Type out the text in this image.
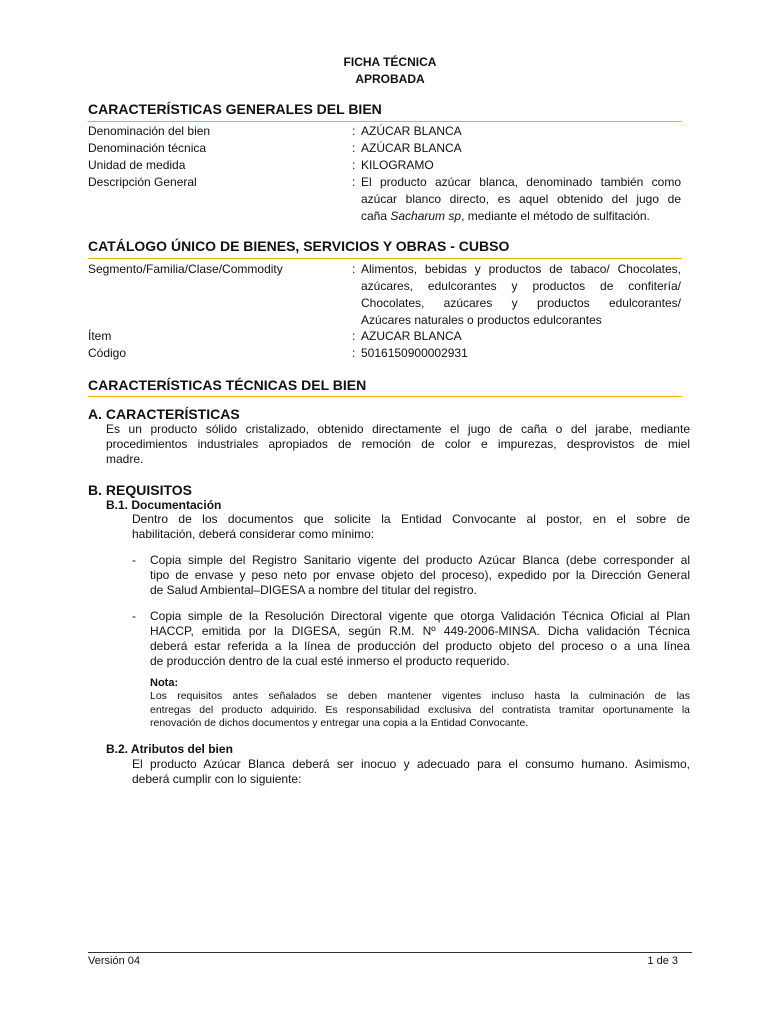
FICHA TÉCNICA
APROBADA
CARACTERÍSTICAS GENERALES DEL BIEN
Denominación del bien	: AZÚCAR BLANCA
Denominación técnica	: AZÚCAR BLANCA
Unidad de medida	: KILOGRAMO
Descripción General	: El producto azúcar blanca, denominado también como
azúcar blanco directo, es aquel obtenido del jugo de
caña Sacharum sp, mediante el método de sulfitación.
CATÁLOGO ÚNICO DE BIENES, SERVICIOS Y OBRAS - CUBSO
Segmento/Familia/Clase/Commodity	: Alimentos, bebidas y productos de tabaco/ Chocolates,
azúcares, edulcorantes y productos de confitería/
Chocolates, azúcares y productos edulcorantes/
Azúcares naturales o productos edulcorantes
Ítem	: AZUCAR BLANCA
Código	: 5016150900002931
CARACTERÍSTICAS TÉCNICAS DEL BIEN
A. CARACTERÍSTICAS
Es un producto sólido cristalizado, obtenido directamente el jugo de caña o del jarabe, mediante
procedimientos industriales apropiados de remoción de color e impurezas, desprovistos de miel
madre.
B. REQUISITOS
B.1. Documentación
Dentro de los documentos que solicite la Entidad Convocante al postor, en el sobre de
habilitación, deberá considerar como mínimo:
- Copia simple del Registro Sanitario vigente del producto Azúcar Blanca (debe corresponder al
tipo de envase y peso neto por envase objeto del proceso), expedido por la Dirección General
de Salud Ambiental–DIGESA a nombre del titular del registro.
- Copia simple de la Resolución Directoral vigente que otorga Validación Técnica Oficial al Plan
HACCP, emitida por la DIGESA, según R.M. Nº 449-2006-MINSA. Dicha validación Técnica
deberá estar referida a la línea de producción del producto objeto del proceso o a una línea
de producción dentro de la cual esté inmerso el producto requerido.
Nota:
Los requisitos antes señalados se deben mantener vigentes incluso hasta la culminación de las
entregas del producto adquirido. Es responsabilidad exclusiva del contratista tramitar oportunamente la
renovación de dichos documentos y entregar una copia a la Entidad Convocante.
B.2. Atributos del bien
El producto Azúcar Blanca deberá ser inocuo y adecuado para el consumo humano. Asimismo,
deberá cumplir con lo siguiente:
Versión 04	1 de 3
